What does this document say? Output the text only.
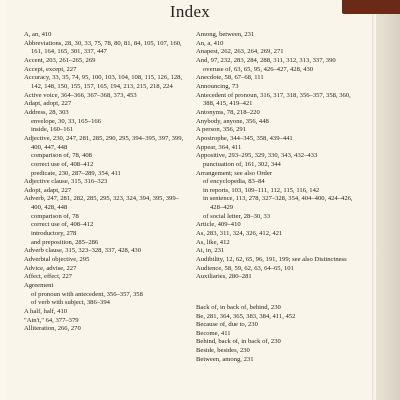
Index

A, an, 410

Abbreviations, 28, 30, 33, 75, 78, 80, 81, 84, 105, 107, 160, 161, 164, 165, 301, 337, 447

Accent, 203, 261–265, 269

Accept, except, 227

Accuracy, 33, 35, 74, 95, 100, 103, 104, 108, 115, 126, 128, 142, 148, 150, 155, 157, 165, 194, 213, 215, 218, 224

Active voice, 364–366, 367–368, 373, 453

Adapt, adopt, 227

Address, 28, 303

envelope, 30, 33, 165–166

inside, 160–161

Adjective, 230, 247, 281, 285, 290, 295, 394–395, 397, 399, 400, 447, 448

comparison of, 78, 408

correct use of, 408–412

predicate, 230, 287–289, 354, 411

Adjective clause, 315, 316–323

Adopt, adapt, 227

Adverb, 247, 281, 282, 285, 295, 323, 324, 394, 395, 399–400, 428, 448

comparison of, 78

correct use of, 408–412

introductory, 278

and preposition, 285–286

Adverb clause, 315, 323–328, 337, 428, 430

Adverbial objective, 295

Advice, advise, 227

Affect, effect, 227

Agreement

of pronoun with antecedent, 356–357, 358

of verb with subject, 386–394

A half, half, 410

"Ain't," 64, 377–379

Alliteration, 266, 270

Among, between, 231

An, a, 410

Anapest, 262, 263, 264, 269, 271

And, 97, 232, 283, 284, 288, 311, 312, 313, 337, 390

overuse of, 63, 65, 95, 426–427, 428, 430

Anecdote, 58, 67–68, 111

Announcing, 73

Antecedent of pronoun, 316, 317, 318, 356–357, 358, 360, 388, 415, 419–421

Antonyms, 78, 218–220

Anybody, anyone, 356, 448

A person, 356, 291

Apostrophe, 344–345, 358, 439–441

Appear, 364, 411

Appositive, 293–295, 329, 330, 343, 432–433

punctuation of, 161, 302, 344

Arrangement; see also Order

of encyclopedia, 83–84

in reports, 103, 109–111, 112, 115, 116, 142

in sentence, 113, 278, 327–328, 354, 404–400, 424–426, 428–429

of social letter, 28–30, 33

Article, 409–410

As, 283, 311, 324, 326, 412, 421

As, like, 412

At, in, 231

Audibility, 12, 62, 65, 96, 191, 199; see also Distinctness

Audience, 58, 59, 62, 63, 64–65, 101

Auxiliaries, 280–281

Back of, in back of, behind, 230

Be, 281, 364, 365, 383, 384, 411, 452

Because of, due to, 230

Become, 411

Behind, back of, in back of, 230

Beside, besides, 230

Between, among, 231
